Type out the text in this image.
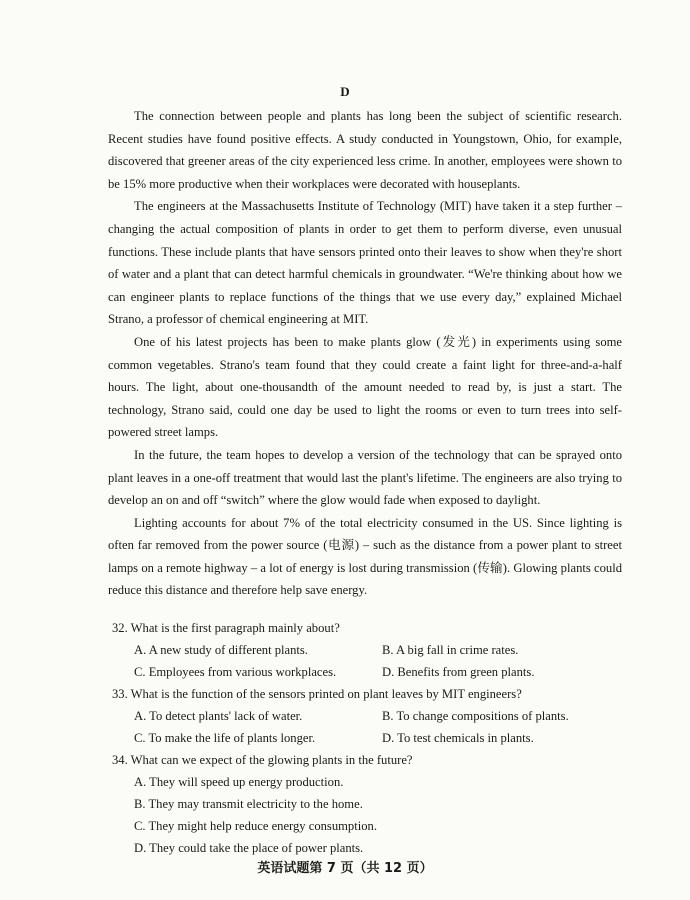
D

The connection between people and plants has long been the subject of scientific research. Recent studies have found positive effects. A study conducted in Youngstown, Ohio, for example, discovered that greener areas of the city experienced less crime. In another, employees were shown to be 15% more productive when their workplaces were decorated with houseplants.

The engineers at the Massachusetts Institute of Technology (MIT) have taken it a step further – changing the actual composition of plants in order to get them to perform diverse, even unusual functions. These include plants that have sensors printed onto their leaves to show when they're short of water and a plant that can detect harmful chemicals in groundwater. “We're thinking about how we can engineer plants to replace functions of the things that we use every day,” explained Michael Strano, a professor of chemical engineering at MIT.

One of his latest projects has been to make plants glow (发光) in experiments using some common vegetables. Strano's team found that they could create a faint light for three-and-a-half hours. The light, about one-thousandth of the amount needed to read by, is just a start. The technology, Strano said, could one day be used to light the rooms or even to turn trees into self-powered street lamps.

In the future, the team hopes to develop a version of the technology that can be sprayed onto plant leaves in a one-off treatment that would last the plant's lifetime. The engineers are also trying to develop an on and off “switch” where the glow would fade when exposed to daylight.

Lighting accounts for about 7% of the total electricity consumed in the US. Since lighting is often far removed from the power source (电源) – such as the distance from a power plant to street lamps on a remote highway – a lot of energy is lost during transmission (传输). Glowing plants could reduce this distance and therefore help save energy.

32. What is the first paragraph mainly about?

A. A new study of different plants.	B. A big fall in crime rates.
C. Employees from various workplaces.	D. Benefits from green plants.

33. What is the function of the sensors printed on plant leaves by MIT engineers?

A. To detect plants' lack of water.	B. To change compositions of plants.
C. To make the life of plants longer.	D. To test chemicals in plants.

34. What can we expect of the glowing plants in the future?

A. They will speed up energy production.
B. They may transmit electricity to the home.
C. They might help reduce energy consumption.
D. They could take the place of power plants.
英语试题第 7 页（共 12 页）
